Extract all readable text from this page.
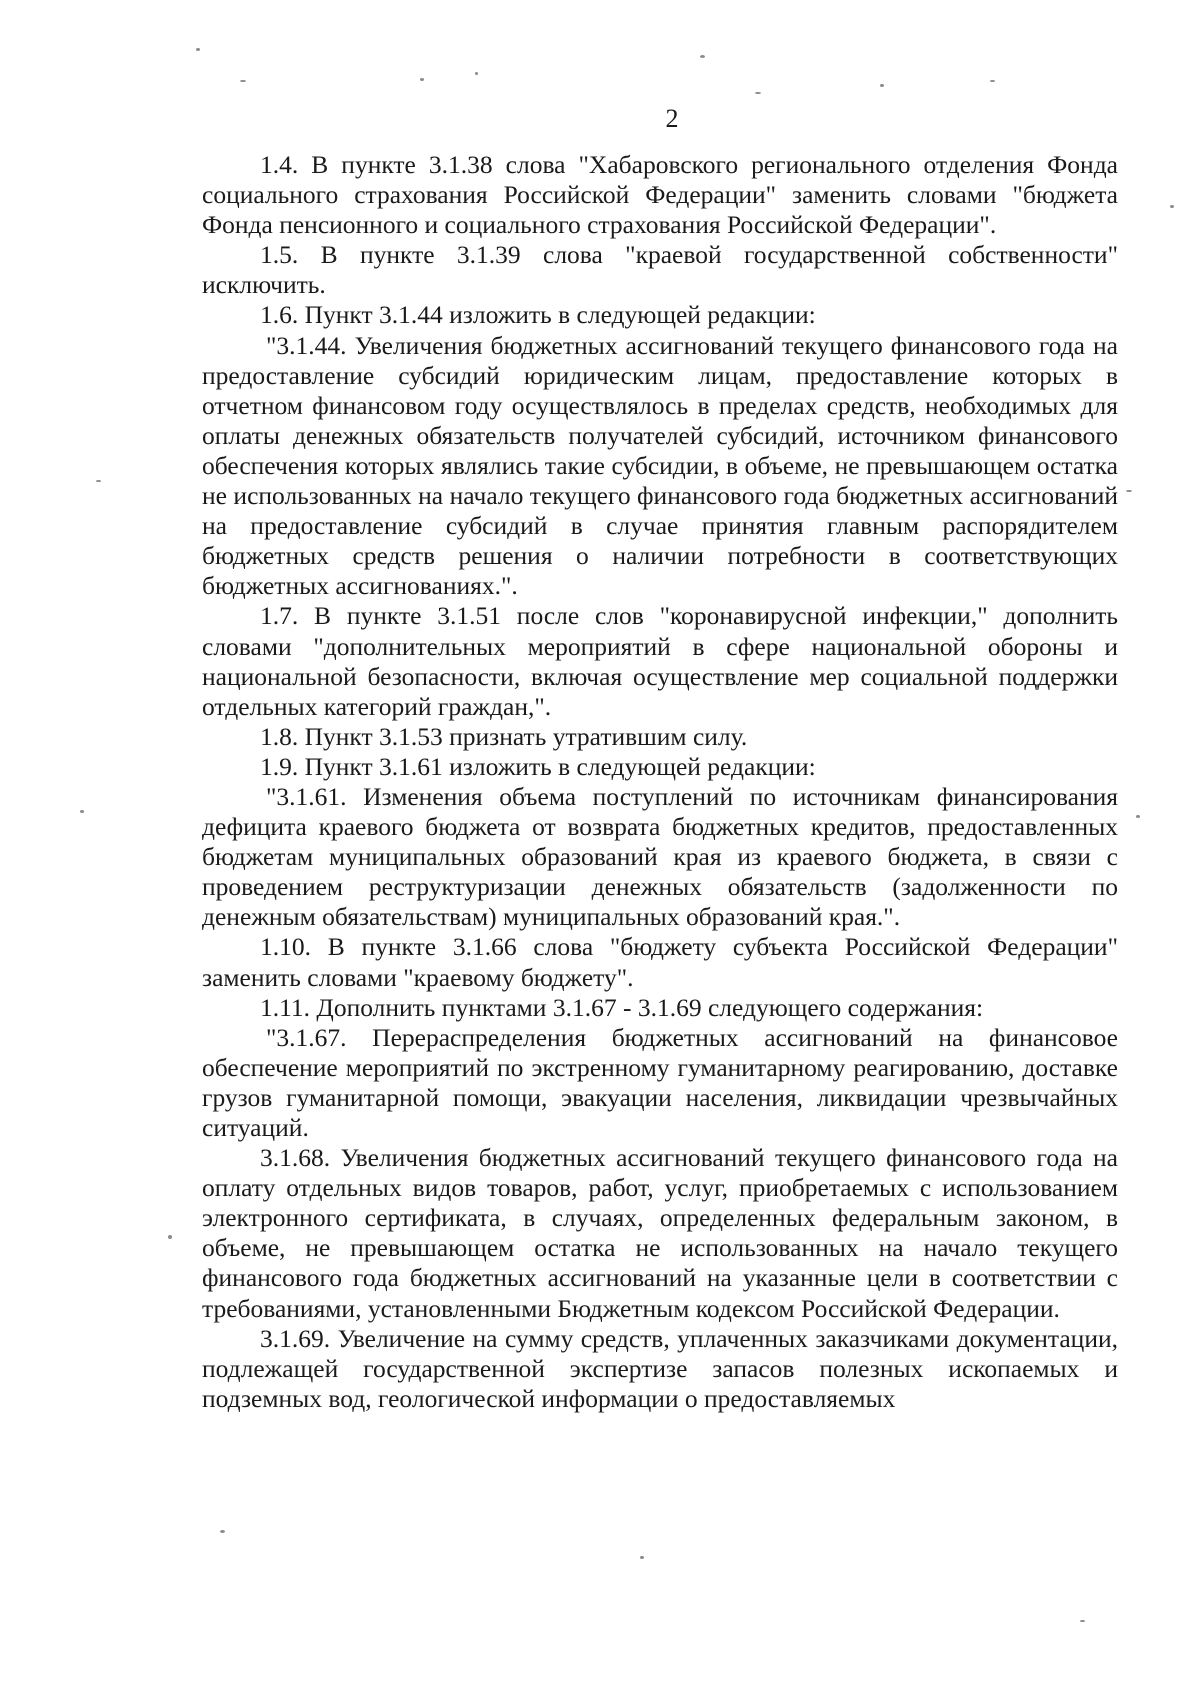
2

1.4. В пункте 3.1.38 слова "Хабаровского регионального отделения Фонда социального страхования Российской Федерации" заменить словами "бюджета Фонда пенсионного и социального страхования Российской Федерации".

1.5. В пункте 3.1.39 слова "краевой государственной собственности" исключить.

1.6. Пункт 3.1.44 изложить в следующей редакции:

"3.1.44. Увеличения бюджетных ассигнований текущего финансового года на предоставление субсидий юридическим лицам, предоставление которых в отчетном финансовом году осуществлялось в пределах средств, необходимых для оплаты денежных обязательств получателей субсидий, источником финансового обеспечения которых являлись такие субсидии, в объеме, не превышающем остатка не использованных на начало текущего финансового года бюджетных ассигнований на предоставление субсидий в случае принятия главным распорядителем бюджетных средств решения о наличии потребности в соответствующих бюджетных ассигнованиях.".

1.7. В пункте 3.1.51 после слов "коронавирусной инфекции," дополнить словами "дополнительных мероприятий в сфере национальной обороны и национальной безопасности, включая осуществление мер социальной поддержки отдельных категорий граждан,".

1.8. Пункт 3.1.53 признать утратившим силу.

1.9. Пункт 3.1.61 изложить в следующей редакции:

"3.1.61. Изменения объема поступлений по источникам финансирования дефицита краевого бюджета от возврата бюджетных кредитов, предоставленных бюджетам муниципальных образований края из краевого бюджета, в связи с проведением реструктуризации денежных обязательств (задолженности по денежным обязательствам) муниципальных образований края.".

1.10. В пункте 3.1.66 слова "бюджету субъекта Российской Федерации" заменить словами "краевому бюджету".

1.11. Дополнить пунктами 3.1.67 - 3.1.69 следующего содержания:

"3.1.67. Перераспределения бюджетных ассигнований на финансовое обеспечение мероприятий по экстренному гуманитарному реагированию, доставке грузов гуманитарной помощи, эвакуации населения, ликвидации чрезвычайных ситуаций.

3.1.68. Увеличения бюджетных ассигнований текущего финансового года на оплату отдельных видов товаров, работ, услуг, приобретаемых с использованием электронного сертификата, в случаях, определенных федеральным законом, в объеме, не превышающем остатка не использованных на начало текущего финансового года бюджетных ассигнований на указанные цели в соответствии с требованиями, установленными Бюджетным кодексом Российской Федерации.

3.1.69. Увеличение на сумму средств, уплаченных заказчиками документации, подлежащей государственной экспертизе запасов полезных ископаемых и подземных вод, геологической информации о предоставляемых
